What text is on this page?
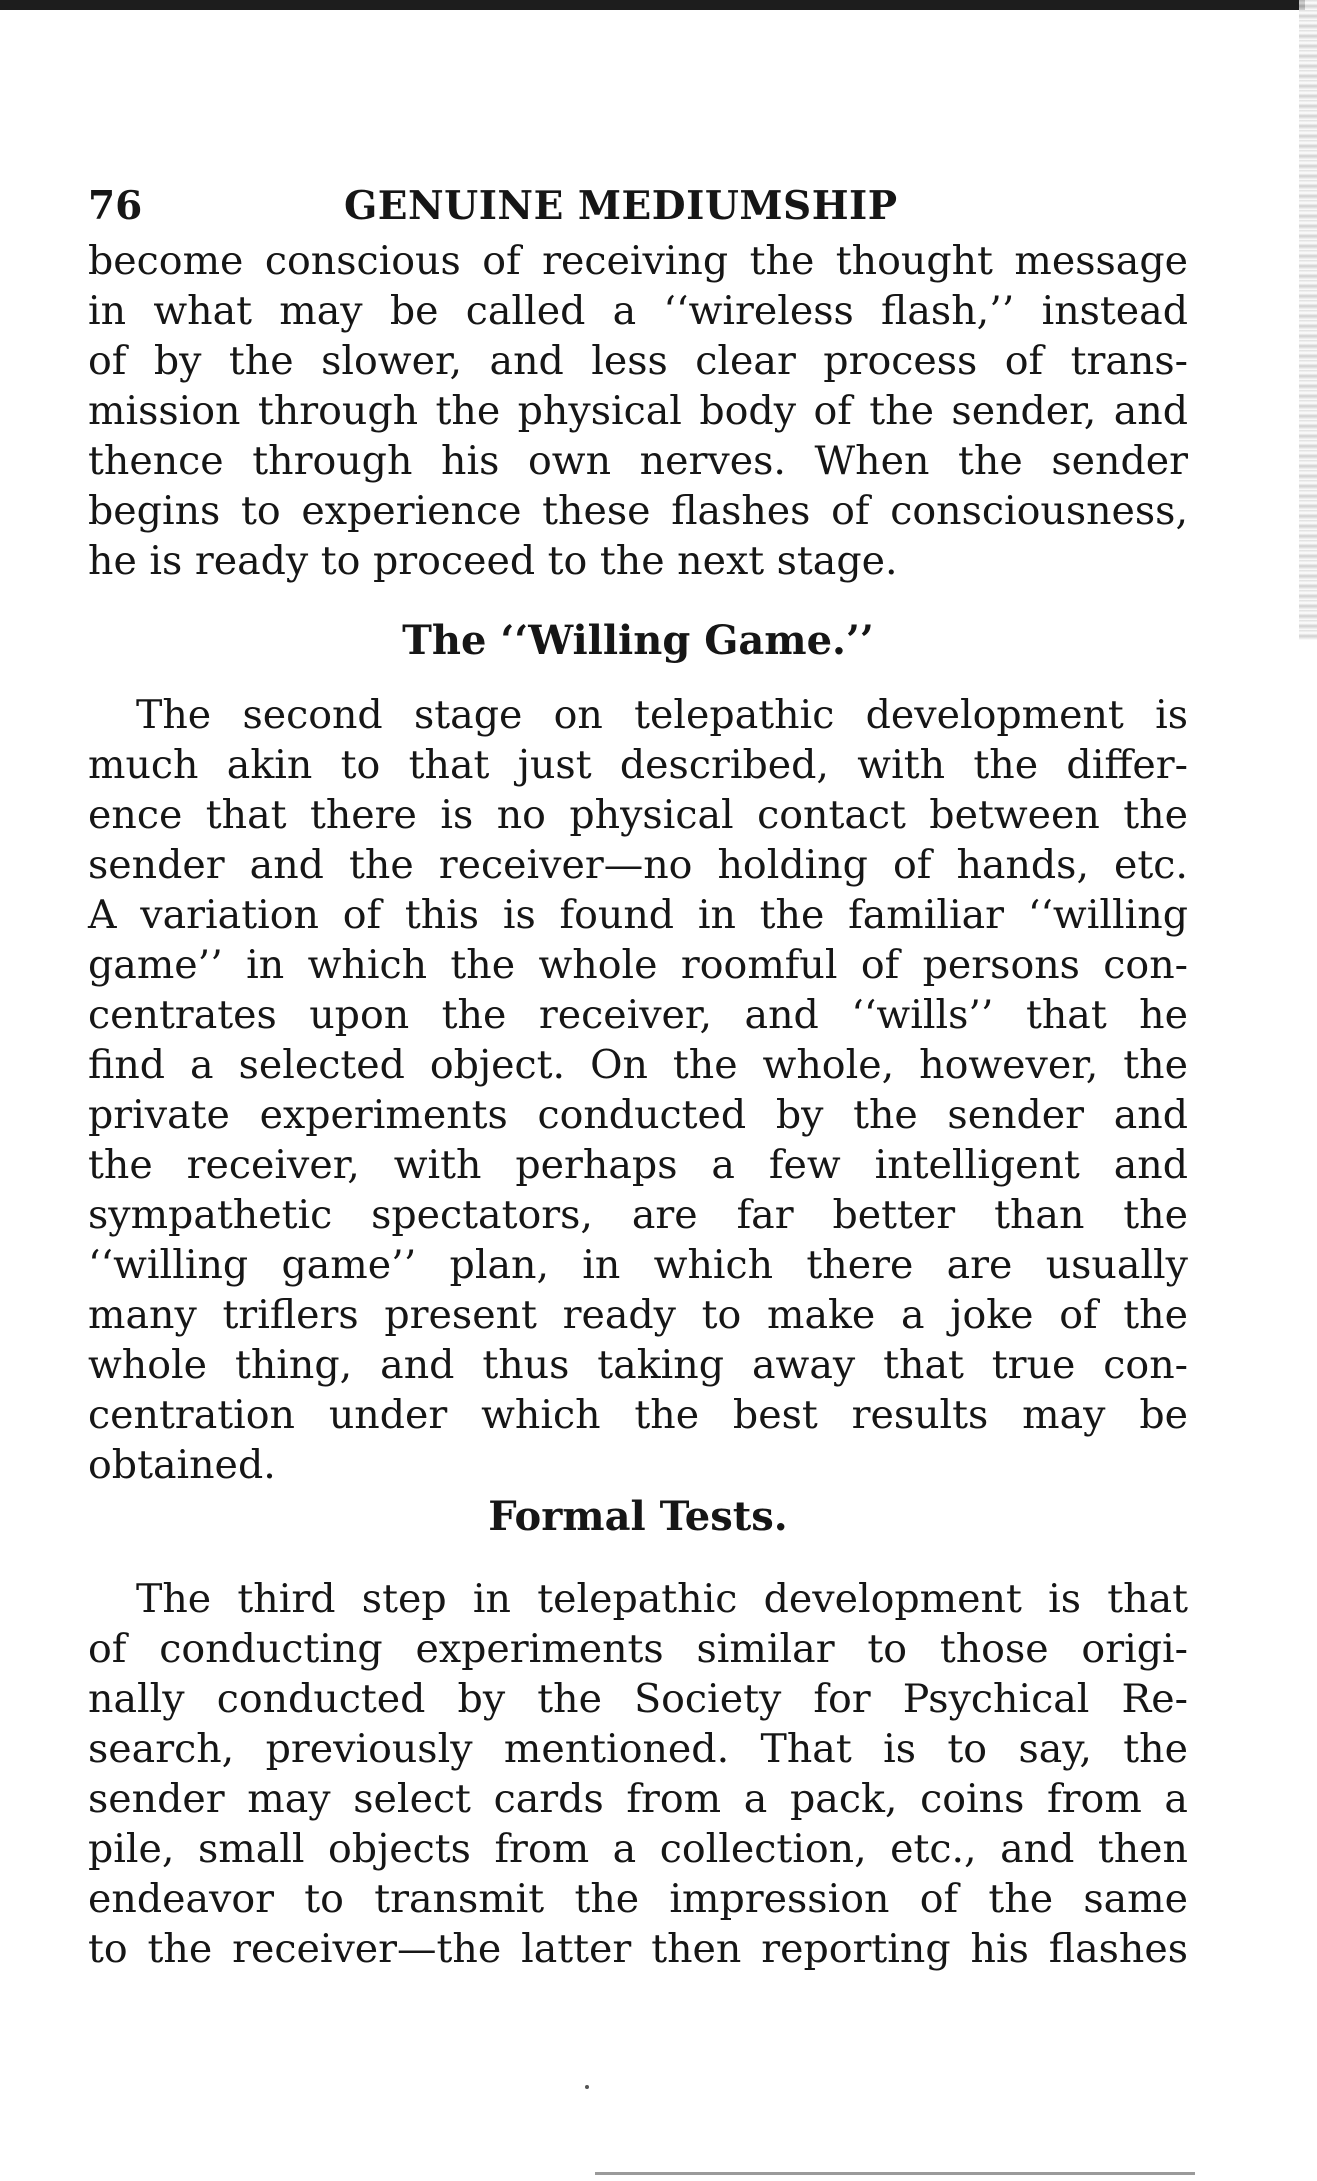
76	GENUINE MEDIUMSHIP
become conscious of receiving the thought message
in what may be called a ‘‘wireless flash,’’ instead
of by the slower, and less clear process of trans-
mission through the physical body of the sender, and
thence through his own nerves. When the sender
begins to experience these flashes of consciousness,
he is ready to proceed to the next stage.
The ‘‘Willing Game.’’
The second stage on telepathic development is
much akin to that just described, with the differ-
ence that there is no physical contact between the
sender and the receiver—no holding of hands, etc.
A variation of this is found in the familiar ‘‘willing
game’’ in which the whole roomful of persons con-
centrates upon the receiver, and ‘‘wills’’ that he
find a selected object. On the whole, however, the
private experiments conducted by the sender and
the receiver, with perhaps a few intelligent and
sympathetic spectators, are far better than the
‘‘willing game’’ plan, in which there are usually
many triflers present ready to make a joke of the
whole thing, and thus taking away that true con-
centration under which the best results may be
obtained.
Formal Tests.
The third step in telepathic development is that
of conducting experiments similar to those origi-
nally conducted by the Society for Psychical Re-
search, previously mentioned. That is to say, the
sender may select cards from a pack, coins from a
pile, small objects from a collection, etc., and then
endeavor to transmit the impression of the same
to the receiver—the latter then reporting his flashes
